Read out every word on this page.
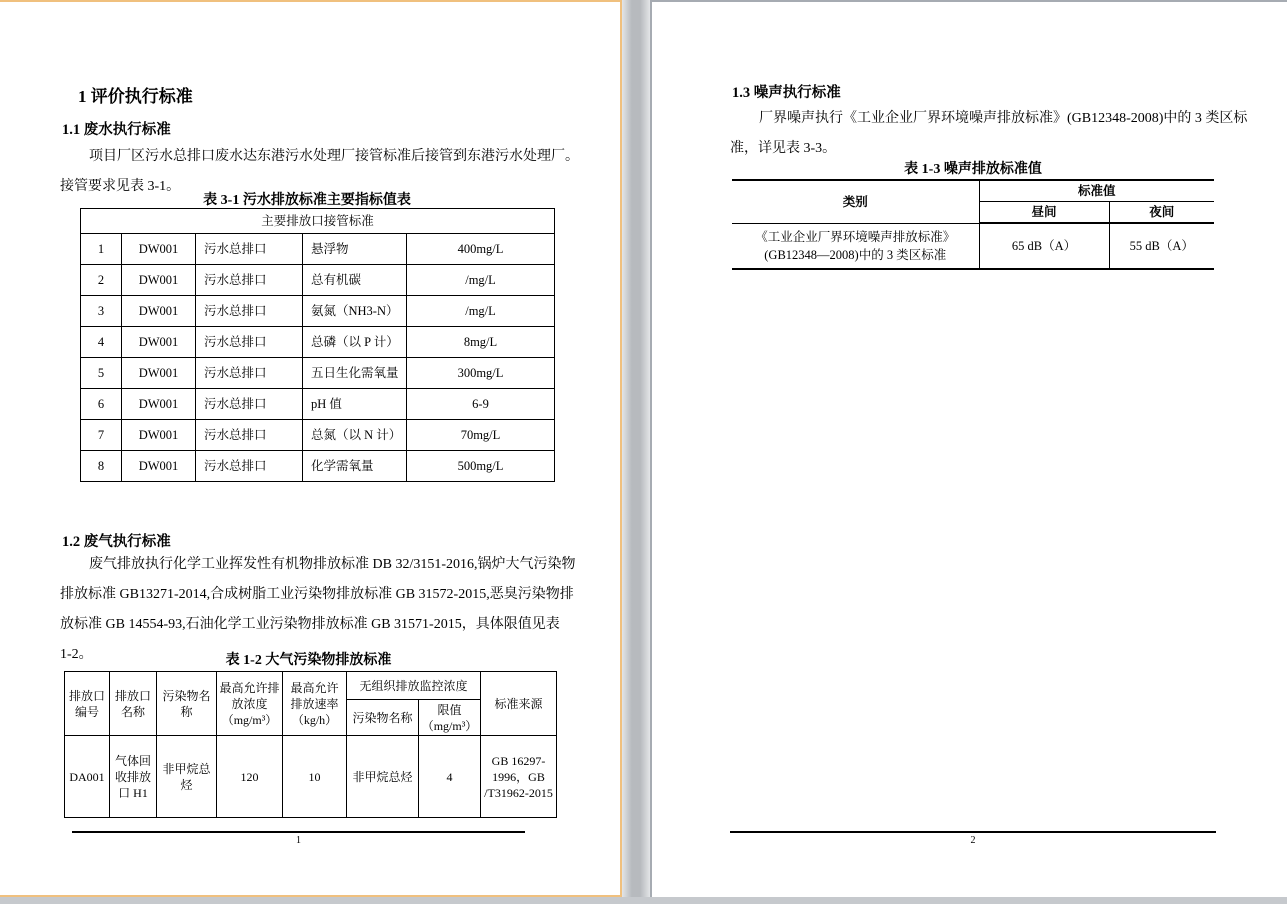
1 评价执行标准
1.1 废水执行标准
项目厂区污水总排口废水达东港污水处理厂接管标准后接管到东港污水处理厂。
接管要求见表 3-1。
表 3-1 污水排放标准主要指标值表
主要排放口接管标准				
1	DW001	污水总排口	悬浮物	400mg/L
2	DW001	污水总排口	总有机碳	/mg/L
3	DW001	污水总排口	氨氮（NH3-N）	/mg/L
4	DW001	污水总排口	总磷（以 P 计）	8mg/L
5	DW001	污水总排口	五日生化需氧量	300mg/L
6	DW001	污水总排口	pH 值	6-9
7	DW001	污水总排口	总氮（以 N 计）	70mg/L
8	DW001	污水总排口	化学需氧量	500mg/L
1.2 废气执行标准
废气排放执行化学工业挥发性有机物排放标准 DB 32/3151-2016,锅炉大气污染物
排放标准 GB13271-2014,合成树脂工业污染物排放标准 GB 31572-2015,恶臭污染物排
放标准 GB 14554-93,石油化学工业污染物排放标准 GB 31571-2015，具体限值见表
1-2。	表 1-2 大气污染物排放标准
排放口编号	排放口名称	污染物名称	最高允许排放浓度（mg/m³）	最高允许排放速率（kg/h）	无组织排放监控浓度		标准来源
					污染物名称	限值（mg/m³）	
DA001	气体回收排放口 H1	非甲烷总烃	120	10	非甲烷总烃	4	GB 16297-1996，GB /T31962-2015
1
1.3 噪声执行标准
厂界噪声执行《工业企业厂界环境噪声排放标准》(GB12348-2008)中的 3 类区标
准，详见表 3-3。
表 1-3 噪声排放标准值
类别	标准值	
	昼间	夜间

《工业企业厂界环境噪声排放标准》
(GB12348—2008)中的 3 类区标准	65 dB（A）	55 dB（A）
2
